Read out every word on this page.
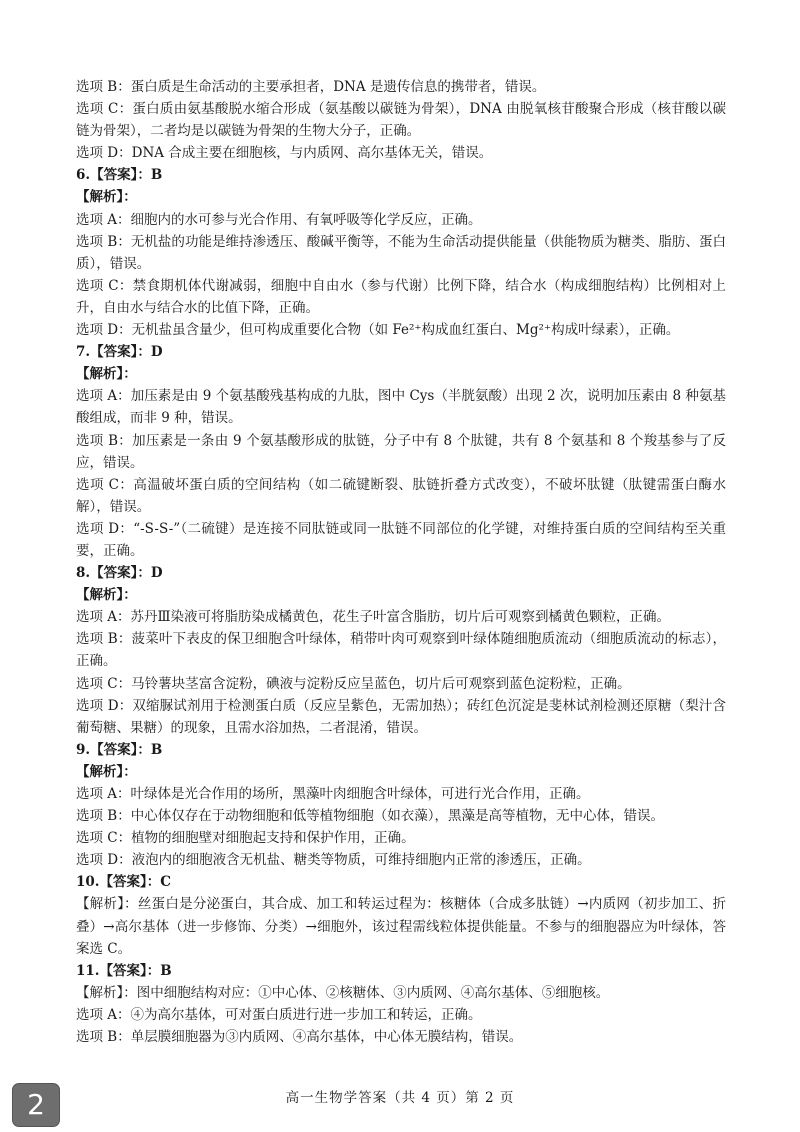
选项 B：蛋白质是生命活动的主要承担者，DNA 是遗传信息的携带者，错误。

选项 C：蛋白质由氨基酸脱水缩合形成（氨基酸以碳链为骨架），DNA 由脱氧核苷酸聚合形成（核苷酸以碳链为骨架），二者均是以碳链为骨架的生物大分子，正确。

选项 D：DNA 合成主要在细胞核，与内质网、高尔基体无关，错误。

6.【答案】：B

【解析】：

选项 A：细胞内的水可参与光合作用、有氧呼吸等化学反应，正确。

选项 B：无机盐的功能是维持渗透压、酸碱平衡等，不能为生命活动提供能量（供能物质为糖类、脂肪、蛋白质），错误。

选项 C：禁食期机体代谢减弱，细胞中自由水（参与代谢）比例下降，结合水（构成细胞结构）比例相对上升，自由水与结合水的比值下降，正确。

选项 D：无机盐虽含量少，但可构成重要化合物（如 Fe²⁺构成血红蛋白、Mg²⁺构成叶绿素），正确。

7.【答案】：D

【解析】：

选项 A：加压素是由 9 个氨基酸残基构成的九肽，图中 Cys（半胱氨酸）出现 2 次，说明加压素由 8 种氨基酸组成，而非 9 种，错误。

选项 B：加压素是一条由 9 个氨基酸形成的肽链，分子中有 8 个肽键，共有 8 个氨基和 8 个羧基参与了反应，错误。

选项 C：高温破坏蛋白质的空间结构（如二硫键断裂、肽链折叠方式改变），不破坏肽键（肽键需蛋白酶水解），错误。

选项 D：“-S-S-”（二硫键）是连接不同肽链或同一肽链不同部位的化学键，对维持蛋白质的空间结构至关重要，正确。

8.【答案】：D

【解析】：

选项 A：苏丹Ⅲ染液可将脂肪染成橘黄色，花生子叶富含脂肪，切片后可观察到橘黄色颗粒，正确。

选项 B：菠菜叶下表皮的保卫细胞含叶绿体，稍带叶肉可观察到叶绿体随细胞质流动（细胞质流动的标志），正确。

选项 C：马铃薯块茎富含淀粉，碘液与淀粉反应呈蓝色，切片后可观察到蓝色淀粉粒，正确。

选项 D：双缩脲试剂用于检测蛋白质（反应呈紫色，无需加热）；砖红色沉淀是斐林试剂检测还原糖（梨汁含葡萄糖、果糖）的现象，且需水浴加热，二者混淆，错误。

9.【答案】：B

【解析】：

选项 A：叶绿体是光合作用的场所，黑藻叶肉细胞含叶绿体，可进行光合作用，正确。

选项 B：中心体仅存在于动物细胞和低等植物细胞（如衣藻），黑藻是高等植物，无中心体，错误。

选项 C：植物的细胞壁对细胞起支持和保护作用，正确。

选项 D：液泡内的细胞液含无机盐、糖类等物质，可维持细胞内正常的渗透压，正确。

10.【答案】：C

【解析】：丝蛋白是分泌蛋白，其合成、加工和转运过程为：核糖体（合成多肽链）→内质网（初步加工、折叠）→高尔基体（进一步修饰、分类）→细胞外，该过程需线粒体提供能量。不参与的细胞器应为叶绿体，答案选 C。

11.【答案】：B

【解析】：图中细胞结构对应：①中心体、②核糖体、③内质网、④高尔基体、⑤细胞核。

选项 A：④为高尔基体，可对蛋白质进行进一步加工和转运，正确。

选项 B：单层膜细胞器为③内质网、④高尔基体，中心体无膜结构，错误。

高一生物学答案（共 4 页）第 2 页
2
